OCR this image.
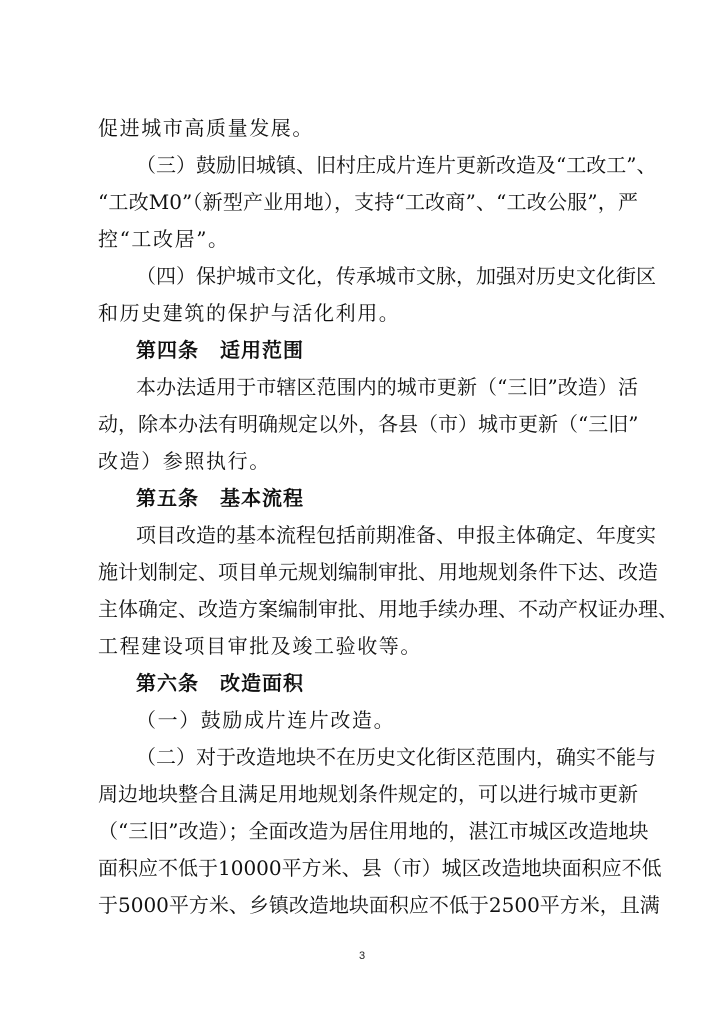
促进城市高质量发展。
（三）鼓励旧城镇、旧村庄成片连片更新改造及“工改工”、
“工改M0”（新型产业用地），支持“工改商”、“工改公服”，严
控“工改居”。
（四）保护城市文化，传承城市文脉，加强对历史文化街区
和历史建筑的保护与活化利用。
第四条　适用范围
本办法适用于市辖区范围内的城市更新（“三旧”改造）活
动，除本办法有明确规定以外，各县（市）城市更新（“三旧”
改造）参照执行。
第五条　基本流程
项目改造的基本流程包括前期准备、申报主体确定、年度实
施计划制定、项目单元规划编制审批、用地规划条件下达、改造
主体确定、改造方案编制审批、用地手续办理、不动产权证办理、
工程建设项目审批及竣工验收等。
第六条　改造面积
（一）鼓励成片连片改造。
（二）对于改造地块不在历史文化街区范围内，确实不能与
周边地块整合且满足用地规划条件规定的，可以进行城市更新
（“三旧”改造）；全面改造为居住用地的，湛江市城区改造地块
面积应不低于10000平方米、县（市）城区改造地块面积应不低
于5000平方米、乡镇改造地块面积应不低于2500平方米，且满
3
